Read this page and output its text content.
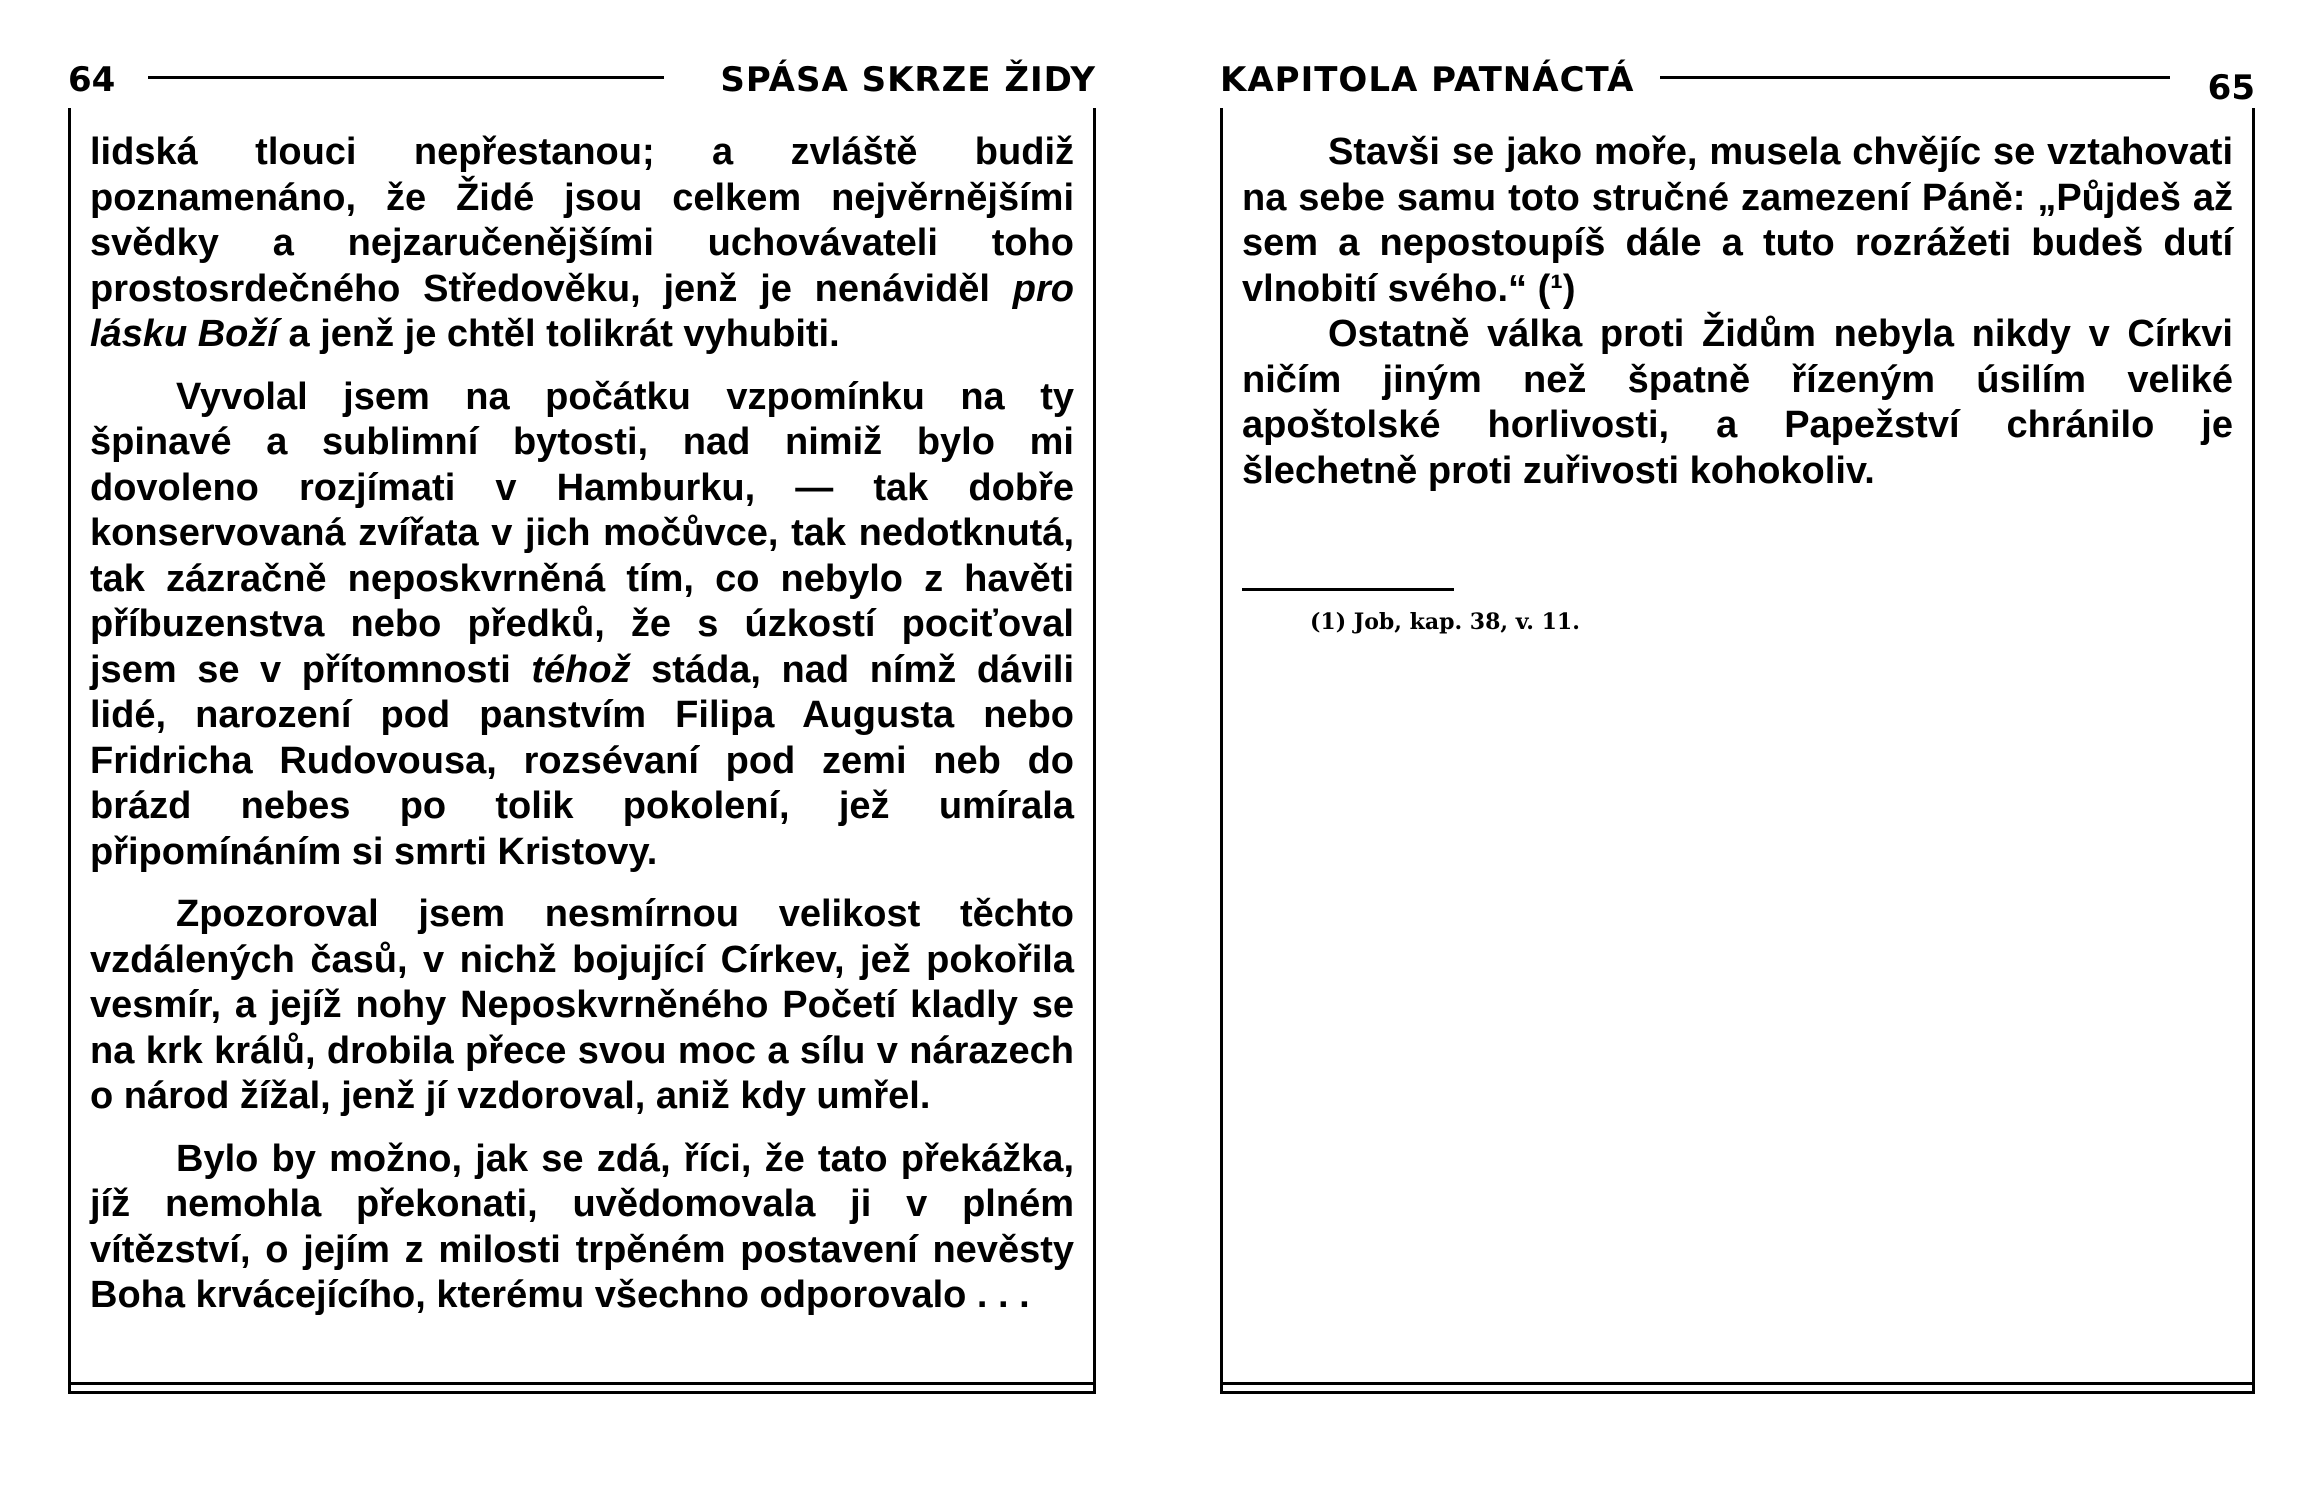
64	SPÁSA SKRZE ŽIDY

lidská tlouci nepřestanou; a zvláště budiž poznamenáno, že Židé jsou celkem nejvěrnějšími svědky a nejzaručenějšími uchovávateli toho prostosrdečného Středověku, jenž je nenáviděl pro lásku Boží a jenž je chtěl tolikrát vyhubiti.

Vyvolal jsem na počátku vzpomínku na ty špinavé a sublimní bytosti, nad nimiž bylo mi dovoleno rozjímati v Hamburku, — tak dobře konservovaná zvířata v jich močůvce, tak nedotknutá, tak zázračně neposkvrněná tím, co nebylo z havěti příbuzenstva nebo předků, že s úzkostí pociťoval jsem se v přítomnosti téhož stáda, nad nímž dávili lidé, narození pod panstvím Filipa Augusta nebo Fridricha Rudovousa, rozsévaní pod zemi neb do brázd nebes po tolik pokolení, jež umírala připomínáním si smrti Kristovy.

Zpozoroval jsem nesmírnou velikost těchto vzdálených časů, v nichž bojující Církev, jež pokořila vesmír, a jejíž nohy Neposkvrněného Početí kladly se na krk králů, drobila přece svou moc a sílu v nárazech o národ žížal, jenž jí vzdoroval, aniž kdy umřel.

Bylo by možno, jak se zdá, říci, že tato překážka, jíž nemohla překonati, uvědomovala ji v plném vítězství, o jejím z milosti trpěném postavení nevěsty Boha krvácejícího, kterému všechno odporovalo . . .

KAPITOLA PATNÁCTÁ	65

Stavši se jako moře, musela chvějíc se vztahovati na sebe samu toto stručné zamezení Páně: „Půjdeš až sem a nepostoupíš dále a tuto rozrážeti budeš dutí vlnobití svého.“ (¹)

Ostatně válka proti Židům nebyla nikdy v Církvi ničím jiným než špatně řízeným úsilím veliké apoštolské horlivosti, a Papežství chránilo je šlechetně proti zuřivosti kohokoliv.

(1) Job, kap. 38, v. 11.
